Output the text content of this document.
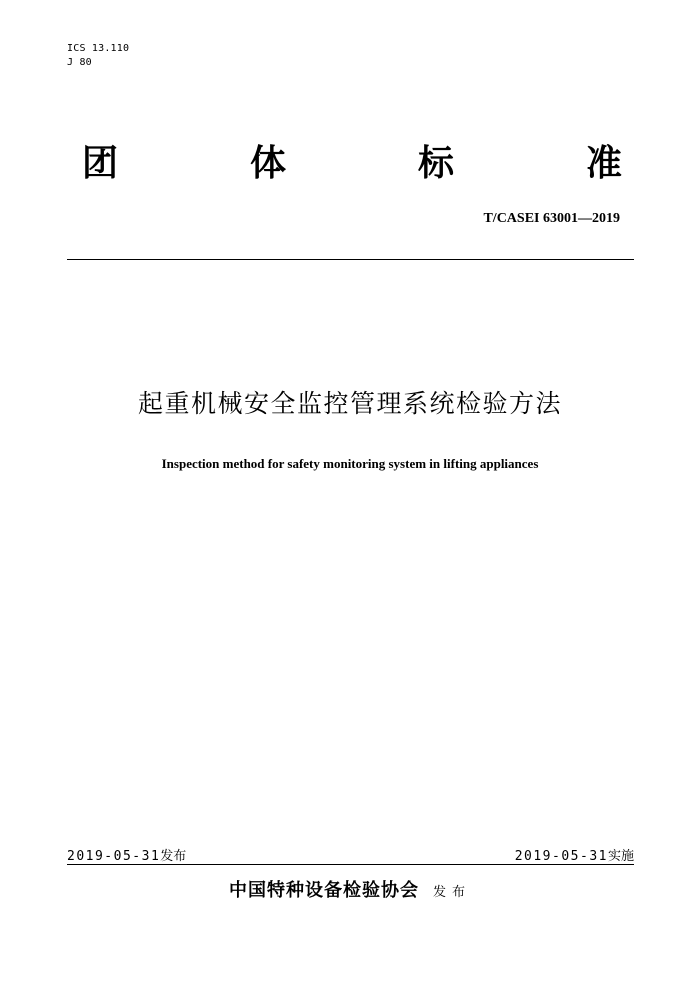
ICS 13.110
J 80
团	体	标	准
T/CASEI 63001—2019
起重机械安全监控管理系统检验方法
Inspection method for safety monitoring system in lifting appliances
2019-05-31发布	2019-05-31实施
中国特种设备检验协会 发布
